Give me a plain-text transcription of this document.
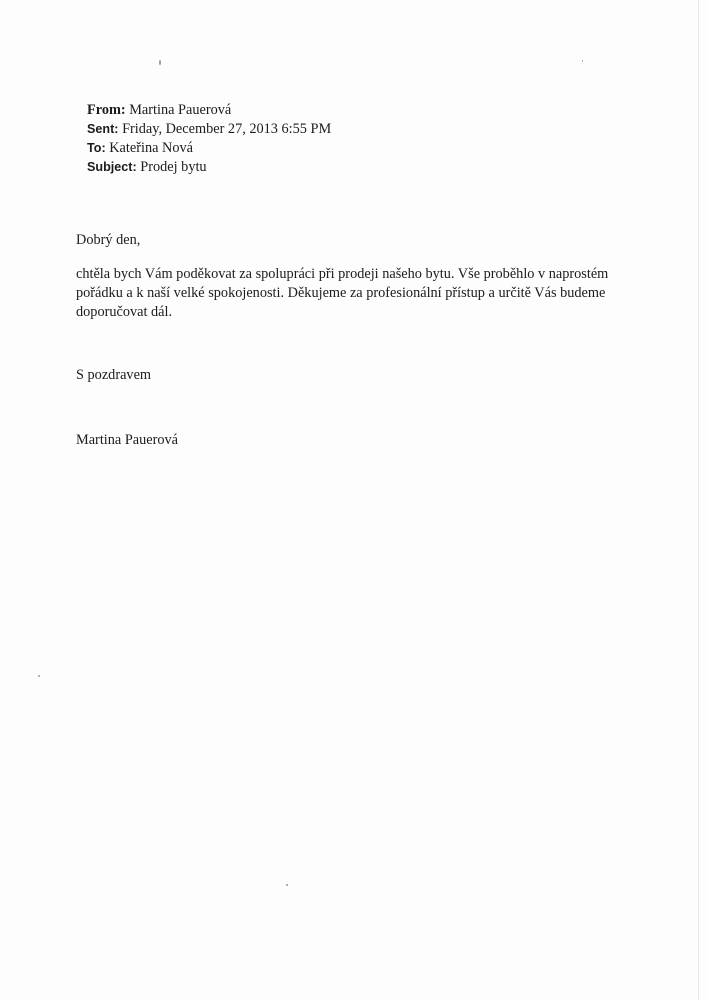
From: Martina Pauerová
Sent: Friday, December 27, 2013 6:55 PM
To: Kateřina Nová
Subject: Prodej bytu
Dobrý den,
chtěla bych Vám poděkovat za spolupráci při prodeji našeho bytu. Vše proběhlo v naprostém
pořádku a k naší velké spokojenosti. Děkujeme za profesionální přístup a určitě Vás budeme
doporučovat dál.
S pozdravem
Martina Pauerová
